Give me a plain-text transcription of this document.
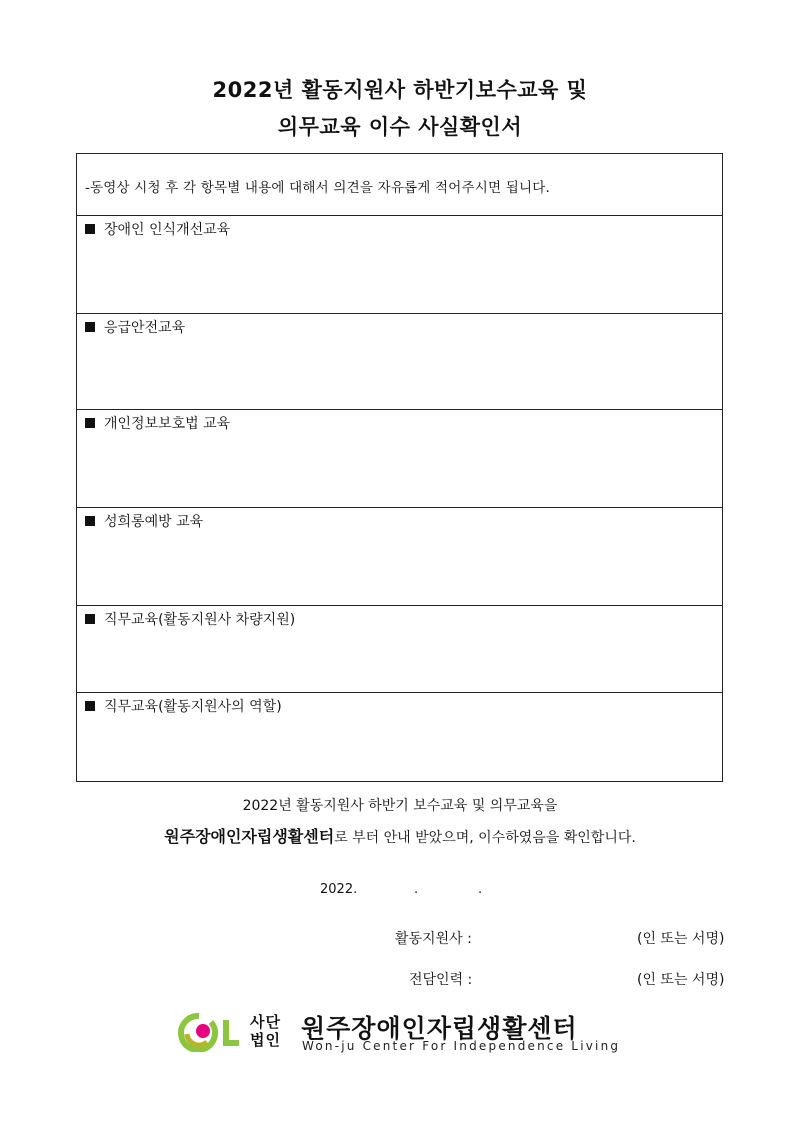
2022년 활동지원사 하반기보수교육 및
의무교육 이수 사실확인서
-동영상 시청 후 각 항목별 내용에 대해서 의견을 자유롭게 적어주시면 됩니다.
장애인 인식개선교육
응급안전교육
개인정보보호법 교육
성희롱예방 교육
직무교육(활동지원사 차량지원)
직무교육(활동지원사의 역할)
2022년 활동지원사 하반기 보수교육 및 의무교육을
원주장애인자립생활센터로 부터 안내 받았으며, 이수하였음을 확인합니다.
2022.	.	.
활동지원사 :	(인 또는 서명)
전담인력 :	(인 또는 서명)
사단
법인 원주장애인자립생활센터
Won-ju Center For Independence Living
